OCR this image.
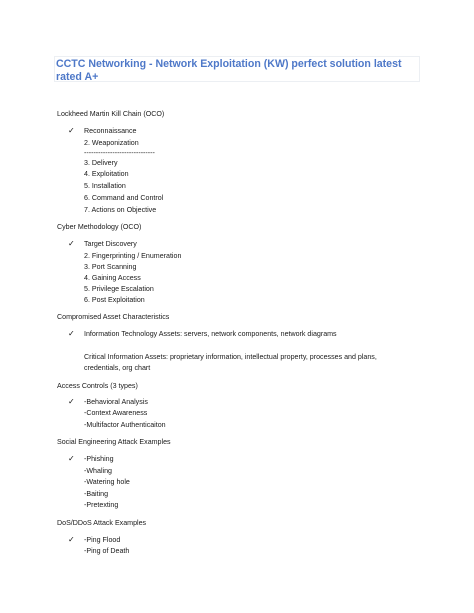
CCTC Networking - Network Exploitation (KW) perfect solution latest rated A+
Lockheed Martin Kill Chain (OCO)
✓ Reconnaissance
2. Weaponization
------------------------------
3. Delivery
4. Exploitation
5. Installation
6. Command and Control
7. Actions on Objective
Cyber Methodology (OCO)
✓ Target Discovery
2. Fingerprinting / Enumeration
3. Port Scanning
4. Gaining Access
5. Privilege Escalation
6. Post Exploitation
Compromised Asset Characteristics
✓ Information Technology Assets: servers, network components, network diagrams
Critical Information Assets: proprietary information, intellectual property, processes and plans,
credentials, org chart
Access Controls (3 types)
✓ -Behavioral Analysis
-Context Awareness
-Multifactor Authenticaiton
Social Engineering Attack Examples
✓ -Phishing
-Whaling
-Watering hole
-Baiting
-Pretexting
DoS/DDoS Attack Examples
✓ -Ping Flood
-Ping of Death
